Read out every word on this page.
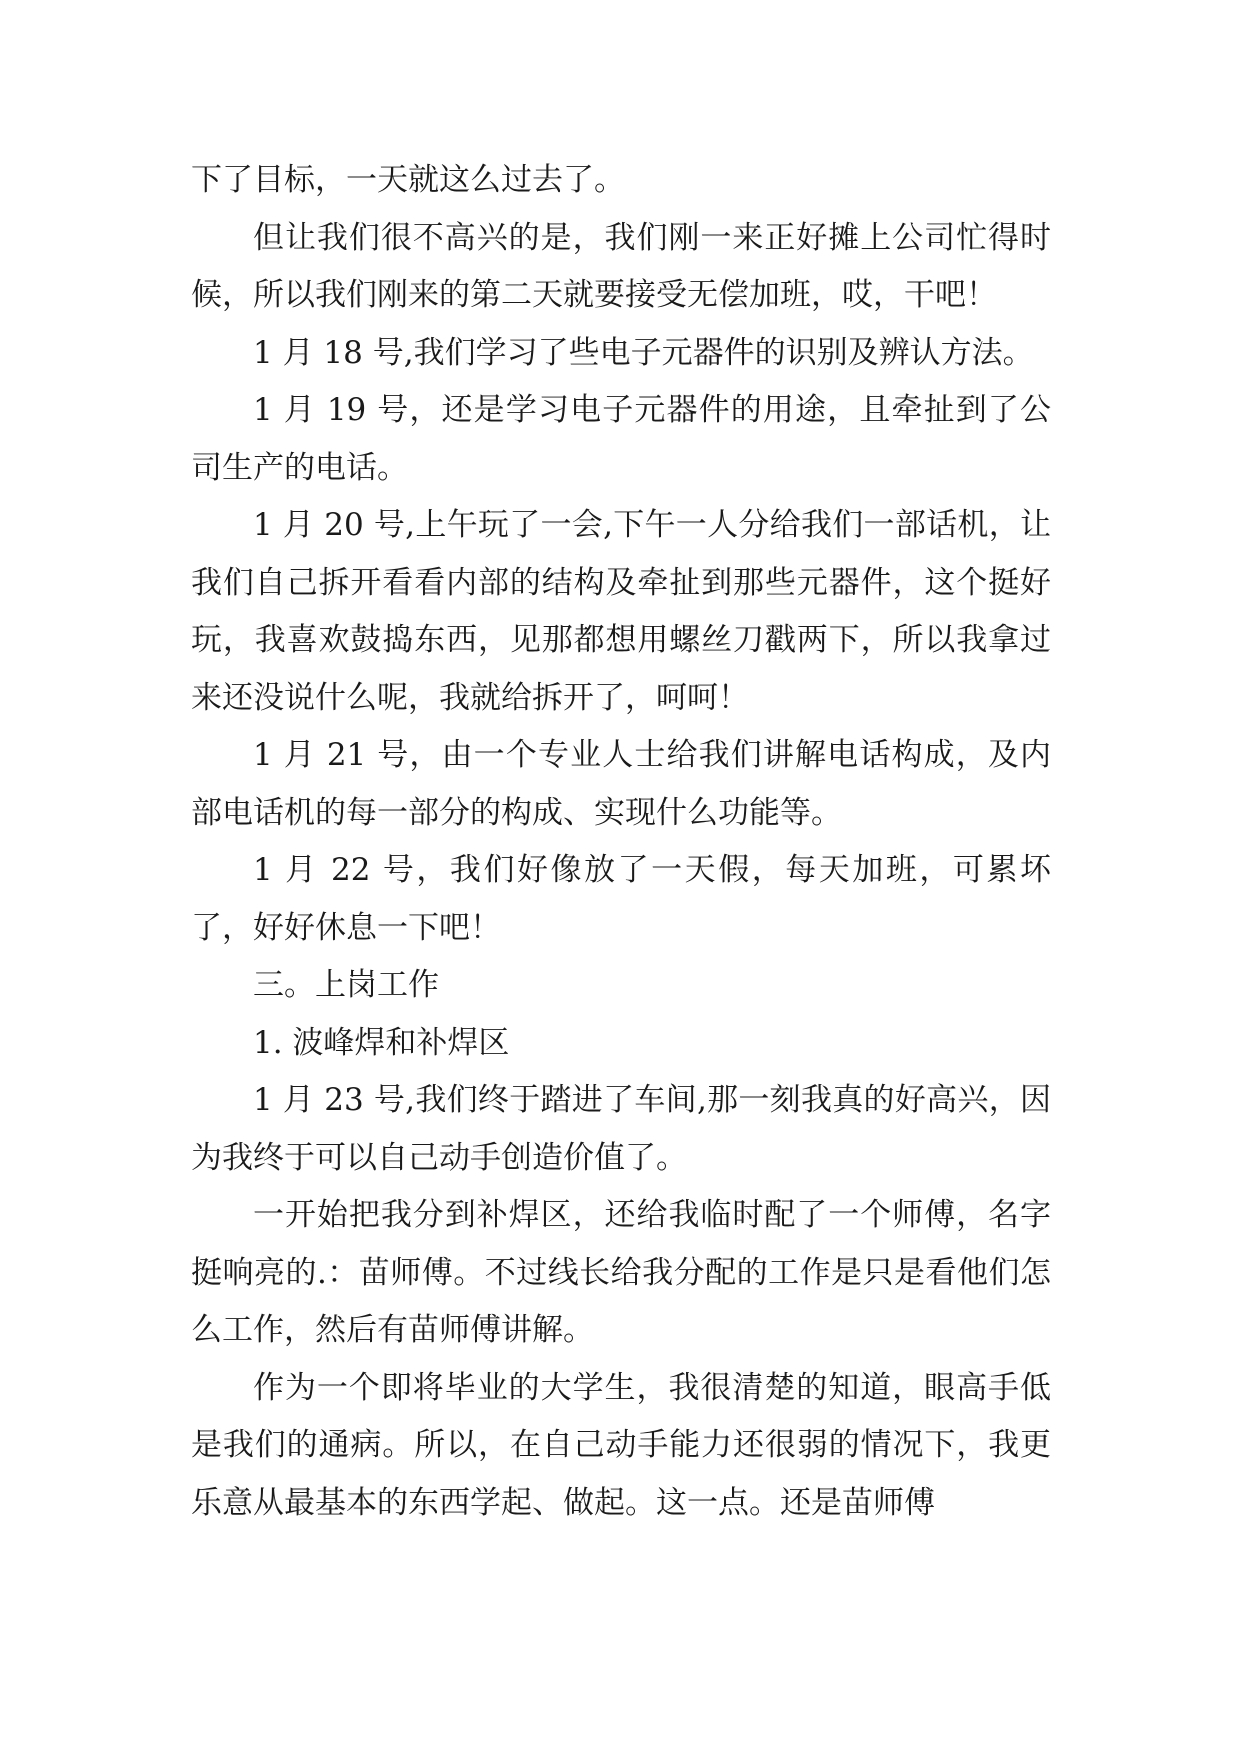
下了目标，一天就这么过去了。

但让我们很不高兴的是，我们刚一来正好摊上公司忙得时候，所以我们刚来的第二天就要接受无偿加班，哎，干吧！

1 月 18 号,我们学习了些电子元器件的识别及辨认方法。

1 月 19 号，还是学习电子元器件的用途，且牵扯到了公司生产的电话。

1 月 20 号,上午玩了一会,下午一人分给我们一部话机，让我们自己拆开看看内部的结构及牵扯到那些元器件，这个挺好玩，我喜欢鼓捣东西，见那都想用螺丝刀戳两下，所以我拿过来还没说什么呢，我就给拆开了，呵呵！

1 月 21 号，由一个专业人士给我们讲解电话构成，及内部电话机的每一部分的构成、实现什么功能等。

1 月 22 号，我们好像放了一天假，每天加班，可累坏了，好好休息一下吧！

三。上岗工作

1. 波峰焊和补焊区

1 月 23 号,我们终于踏进了车间,那一刻我真的好高兴，因为我终于可以自己动手创造价值了。

一开始把我分到补焊区，还给我临时配了一个师傅，名字挺响亮的.：苗师傅。不过线长给我分配的工作是只是看他们怎么工作，然后有苗师傅讲解。

作为一个即将毕业的大学生，我很清楚的知道，眼高手低是我们的通病。所以，在自己动手能力还很弱的情况下，我更乐意从最基本的东西学起、做起。这一点。还是苗师傅
